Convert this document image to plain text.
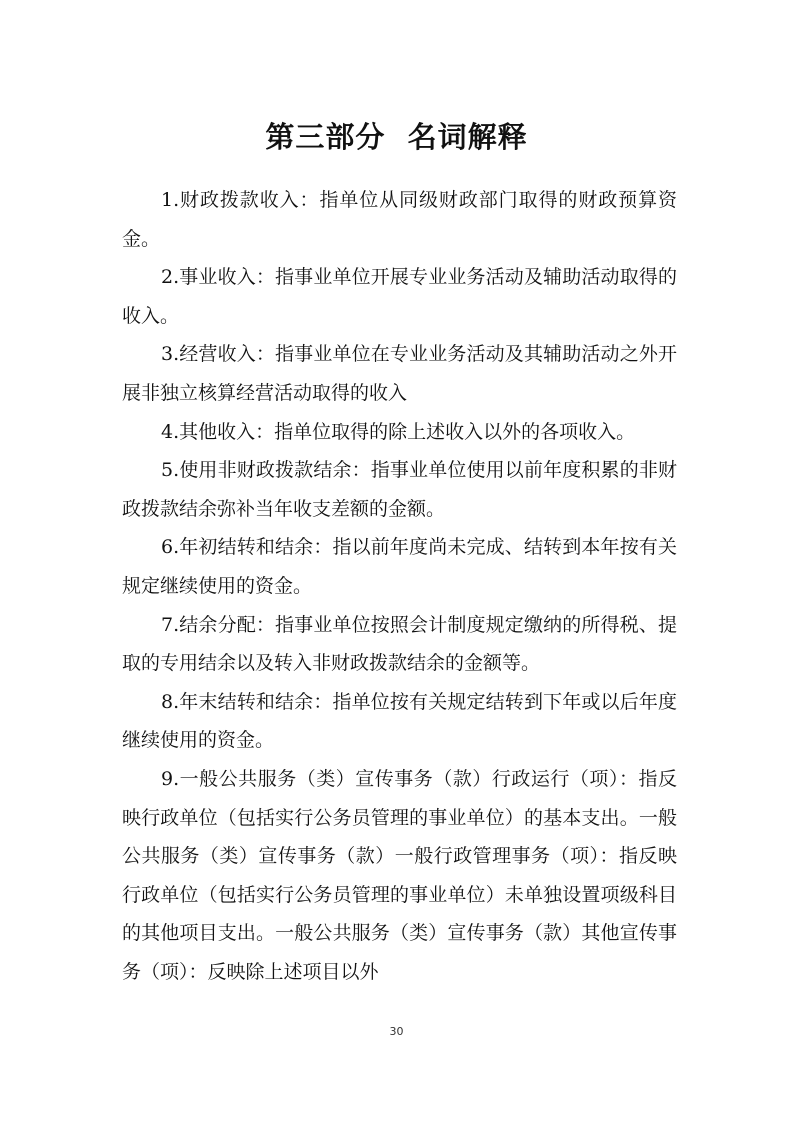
第三部分  名词解释

1.财政拨款收入：指单位从同级财政部门取得的财政预算资金。

2.事业收入：指事业单位开展专业业务活动及辅助活动取得的收入。

3.经营收入：指事业单位在专业业务活动及其辅助活动之外开展非独立核算经营活动取得的收入

4.其他收入：指单位取得的除上述收入以外的各项收入。

5.使用非财政拨款结余：指事业单位使用以前年度积累的非财政拨款结余弥补当年收支差额的金额。

6.年初结转和结余：指以前年度尚未完成、结转到本年按有关规定继续使用的资金。

7.结余分配：指事业单位按照会计制度规定缴纳的所得税、提取的专用结余以及转入非财政拨款结余的金额等。

8.年末结转和结余：指单位按有关规定结转到下年或以后年度继续使用的资金。

9.一般公共服务（类）宣传事务（款）行政运行（项）：指反映行政单位（包括实行公务员管理的事业单位）的基本支出。一般公共服务（类）宣传事务（款）一般行政管理事务（项）：指反映行政单位（包括实行公务员管理的事业单位）未单独设置项级科目的其他项目支出。一般公共服务（类）宣传事务（款）其他宣传事务（项）：反映除上述项目以外

30
